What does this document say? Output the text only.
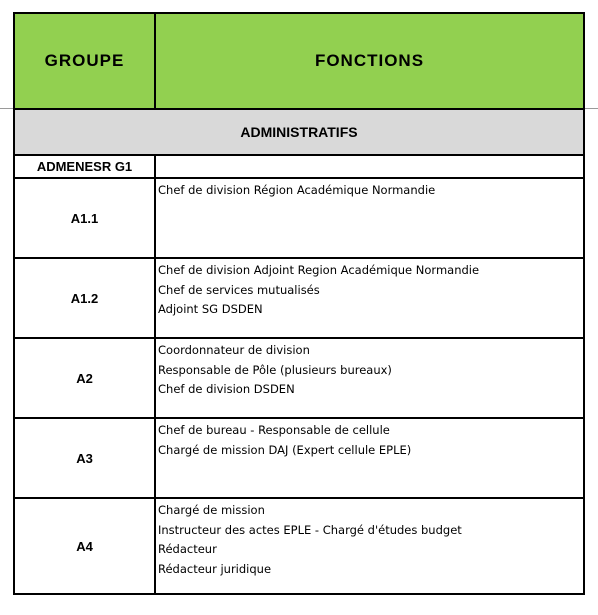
GROUPE	FONCTIONS
ADMINISTRATIFS	
ADMENESR G1	
A1.1	Chef de division Région Académique Normandie

A1.2	Chef de division Adjoint Region Académique Normandie
Chef de services mutualisés
Adjoint SG DSDEN

A2	Coordonnateur de division
Responsable de Pôle (plusieurs bureaux)
Chef de division DSDEN

A3	Chef de bureau - Responsable de cellule
Chargé de mission DAJ (Expert cellule EPLE)

A4	Chargé de mission
Instructeur des actes EPLE - Chargé d'études budget
Rédacteur
Rédacteur juridique
